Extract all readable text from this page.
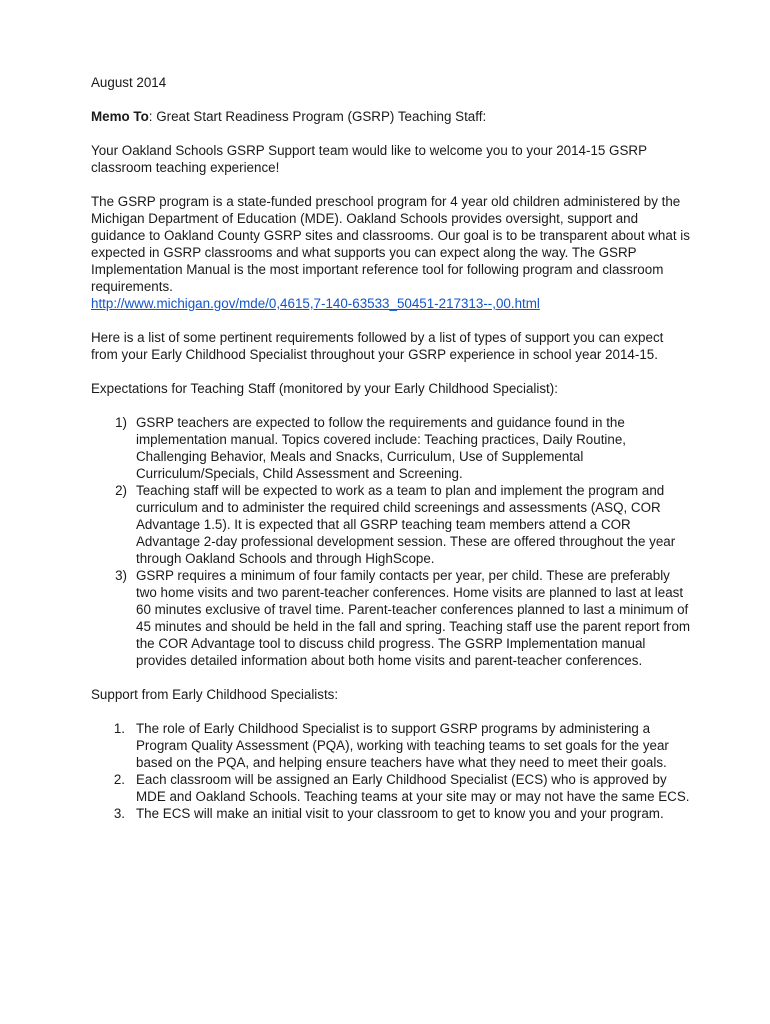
August 2014

Memo To: Great Start Readiness Program (GSRP) Teaching Staff:

Your Oakland Schools GSRP Support team would like to welcome you to your 2014-15 GSRP classroom teaching experience!

The GSRP program is a state-funded preschool program for 4 year old children administered by the Michigan Department of Education (MDE). Oakland Schools provides oversight, support and guidance to Oakland County GSRP sites and classrooms. Our goal is to be transparent about what is expected in GSRP classrooms and what supports you can expect along the way. The GSRP Implementation Manual is the most important reference tool for following program and classroom requirements.
http://www.michigan.gov/mde/0,4615,7-140-63533_50451-217313--,00.html

Here is a list of some pertinent requirements followed by a list of types of support you can expect from your Early Childhood Specialist throughout your GSRP experience in school year 2014-15.

Expectations for Teaching Staff (monitored by your Early Childhood Specialist):

1) GSRP teachers are expected to follow the requirements and guidance found in the implementation manual. Topics covered include: Teaching practices, Daily Routine, Challenging Behavior, Meals and Snacks, Curriculum, Use of Supplemental Curriculum/Specials, Child Assessment and Screening.
2) Teaching staff will be expected to work as a team to plan and implement the program and curriculum and to administer the required child screenings and assessments (ASQ, COR Advantage 1.5). It is expected that all GSRP teaching team members attend a COR Advantage 2-day professional development session. These are offered throughout the year through Oakland Schools and through HighScope.
3) GSRP requires a minimum of four family contacts per year, per child. These are preferably two home visits and two parent-teacher conferences. Home visits are planned to last at least 60 minutes exclusive of travel time. Parent-teacher conferences planned to last a minimum of 45 minutes and should be held in the fall and spring. Teaching staff use the parent report from the COR Advantage tool to discuss child progress. The GSRP Implementation manual provides detailed information about both home visits and parent-teacher conferences.

Support from Early Childhood Specialists:

1. The role of Early Childhood Specialist is to support GSRP programs by administering a Program Quality Assessment (PQA), working with teaching teams to set goals for the year based on the PQA, and helping ensure teachers have what they need to meet their goals.
2. Each classroom will be assigned an Early Childhood Specialist (ECS) who is approved by MDE and Oakland Schools. Teaching teams at your site may or may not have the same ECS.
3. The ECS will make an initial visit to your classroom to get to know you and your program.
